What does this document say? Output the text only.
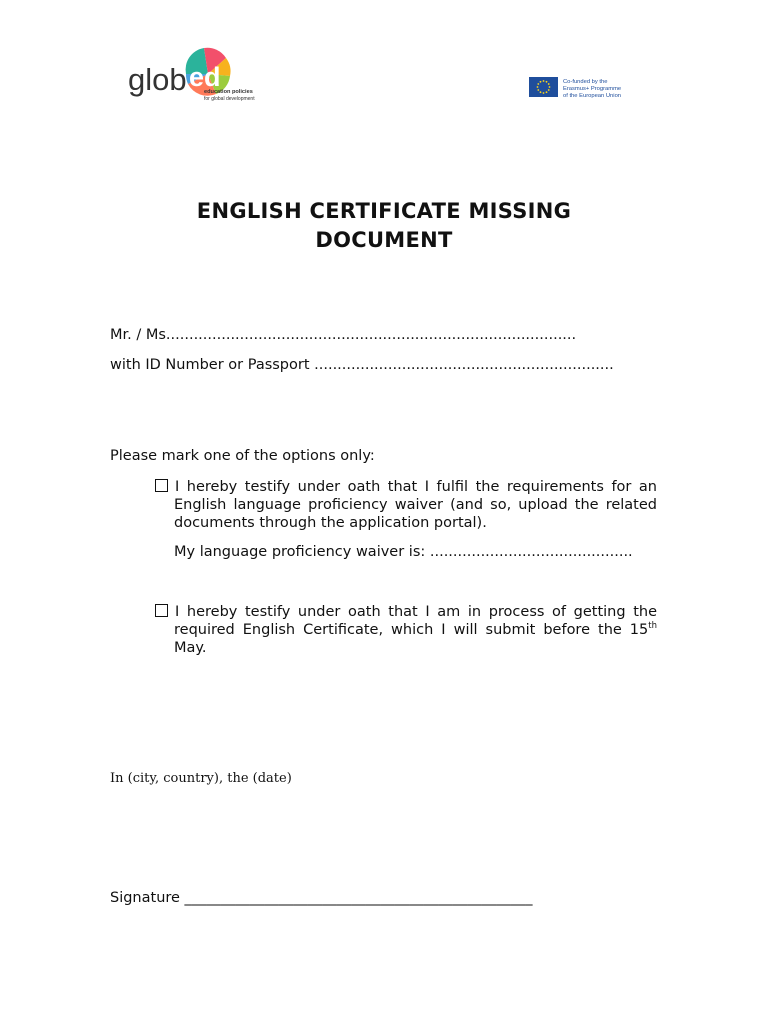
glob ed
education policies
for global development
Co-funded by the
Erasmus+ Programme
of the European Union
ENGLISH CERTIFICATE MISSING
DOCUMENT

Mr. / Ms.........................................................................................

with ID Number or Passport .................................................................

Please mark one of the options only:

I hereby testify under oath that I fulfil the requirements for an English language proficiency waiver (and so, upload the related documents through the application portal).

My language proficiency waiver is: ............................................

I hereby testify under oath that I am in process of getting the required English Certificate, which I will submit before the 15th May.

In (city, country), the (date)

Signature ________________________________________________
